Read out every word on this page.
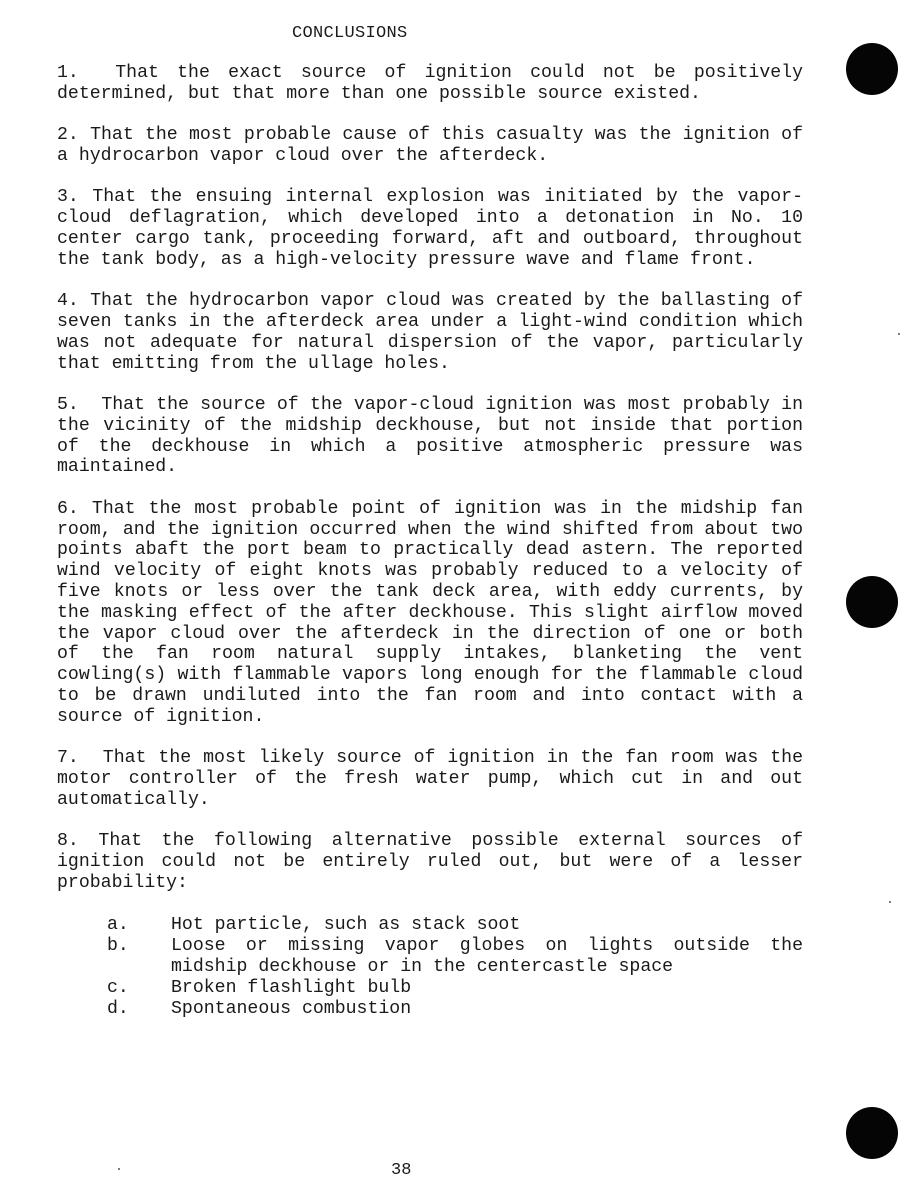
CONCLUSIONS

1. That the exact source of ignition could not be positively determined, but that more than one possible source existed.

2. That the most probable cause of this casualty was the ignition of a hydrocarbon vapor cloud over the afterdeck.

3. That the ensuing internal explosion was initiated by the vapor-cloud deflagration, which developed into a detonation in No. 10 center cargo tank, proceeding forward, aft and outboard, throughout the tank body, as a high-velocity pressure wave and flame front.

4. That the hydrocarbon vapor cloud was created by the ballasting of seven tanks in the afterdeck area under a light-wind condition which was not adequate for natural dispersion of the vapor, particularly that emitting from the ullage holes.

5. That the source of the vapor-cloud ignition was most probably in the vicinity of the midship deckhouse, but not inside that portion of the deckhouse in which a positive atmospheric pressure was maintained.

6. That the most probable point of ignition was in the midship fan room, and the ignition occurred when the wind shifted from about two points abaft the port beam to practically dead astern. The reported wind velocity of eight knots was probably reduced to a velocity of five knots or less over the tank deck area, with eddy currents, by the masking effect of the after deckhouse. This slight airflow moved the vapor cloud over the afterdeck in the direction of one or both of the fan room natural supply intakes, blanketing the vent cowling(s) with flammable vapors long enough for the flammable cloud to be drawn undiluted into the fan room and into contact with a source of ignition.

7. That the most likely source of ignition in the fan room was the motor controller of the fresh water pump, which cut in and out automatically.

8. That the following alternative possible external sources of ignition could not be entirely ruled out, but were of a lesser probability:
a.	Hot particle, such as stack soot
b.	Loose or missing vapor globes on lights outside the midship deckhouse or in the centercastle space
c.	Broken flashlight bulb
d.	Spontaneous combustion
38
